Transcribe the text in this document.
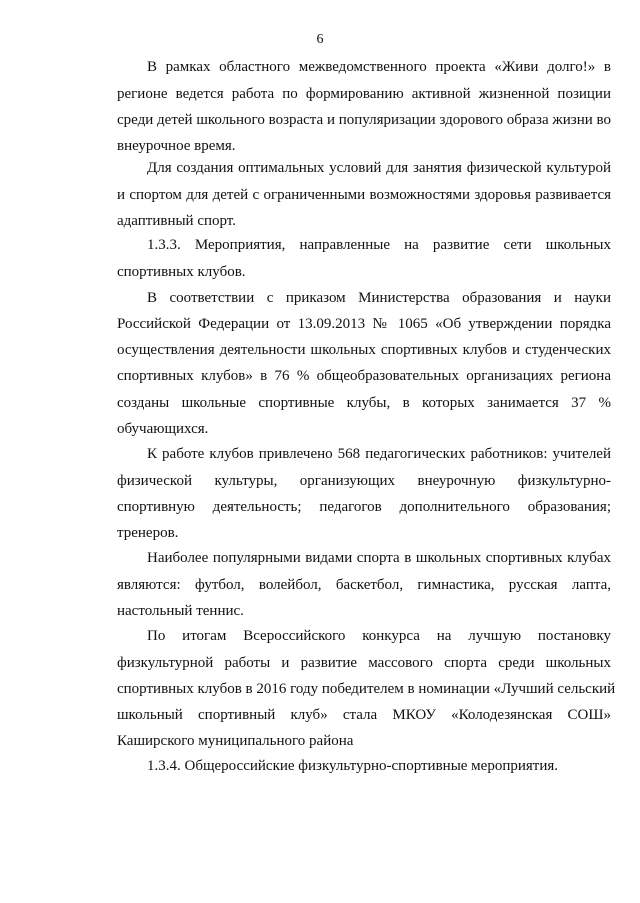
6
В рамках областного межведомственного проекта «Живи долго!» в
регионе ведется работа по формированию активной жизненной позиции
среди детей школьного возраста и популяризации здорового образа жизни во
внеурочное время.
Для создания оптимальных условий для занятия физической культурой
и спортом для детей с ограниченными возможностями здоровья развивается
адаптивный спорт.
1.3.3. Мероприятия, направленные на развитие сети школьных
спортивных клубов.
В соответствии с приказом Министерства образования и науки
Российской Федерации от 13.09.2013 № 1065 «Об утверждении порядка
осуществления деятельности школьных спортивных клубов и студенческих
спортивных клубов» в 76 % общеобразовательных организациях региона
созданы школьные спортивные клубы, в которых занимается 37 %
обучающихся.
К работе клубов привлечено 568 педагогических работников: учителей
физической культуры, организующих внеурочную физкультурно-
спортивную деятельность; педагогов дополнительного образования;
тренеров.
Наиболее популярными видами спорта в школьных спортивных клубах
являются: футбол, волейбол, баскетбол, гимнастика, русская лапта,
настольный теннис.
По итогам Всероссийского конкурса на лучшую постановку
физкультурной работы и развитие массового спорта среди школьных
спортивных клубов в 2016 году победителем в номинации «Лучший сельский
школьный спортивный клуб» стала МКОУ «Колодезянская СОШ»
Каширского муниципального района
1.3.4. Общероссийские физкультурно-спортивные мероприятия.
